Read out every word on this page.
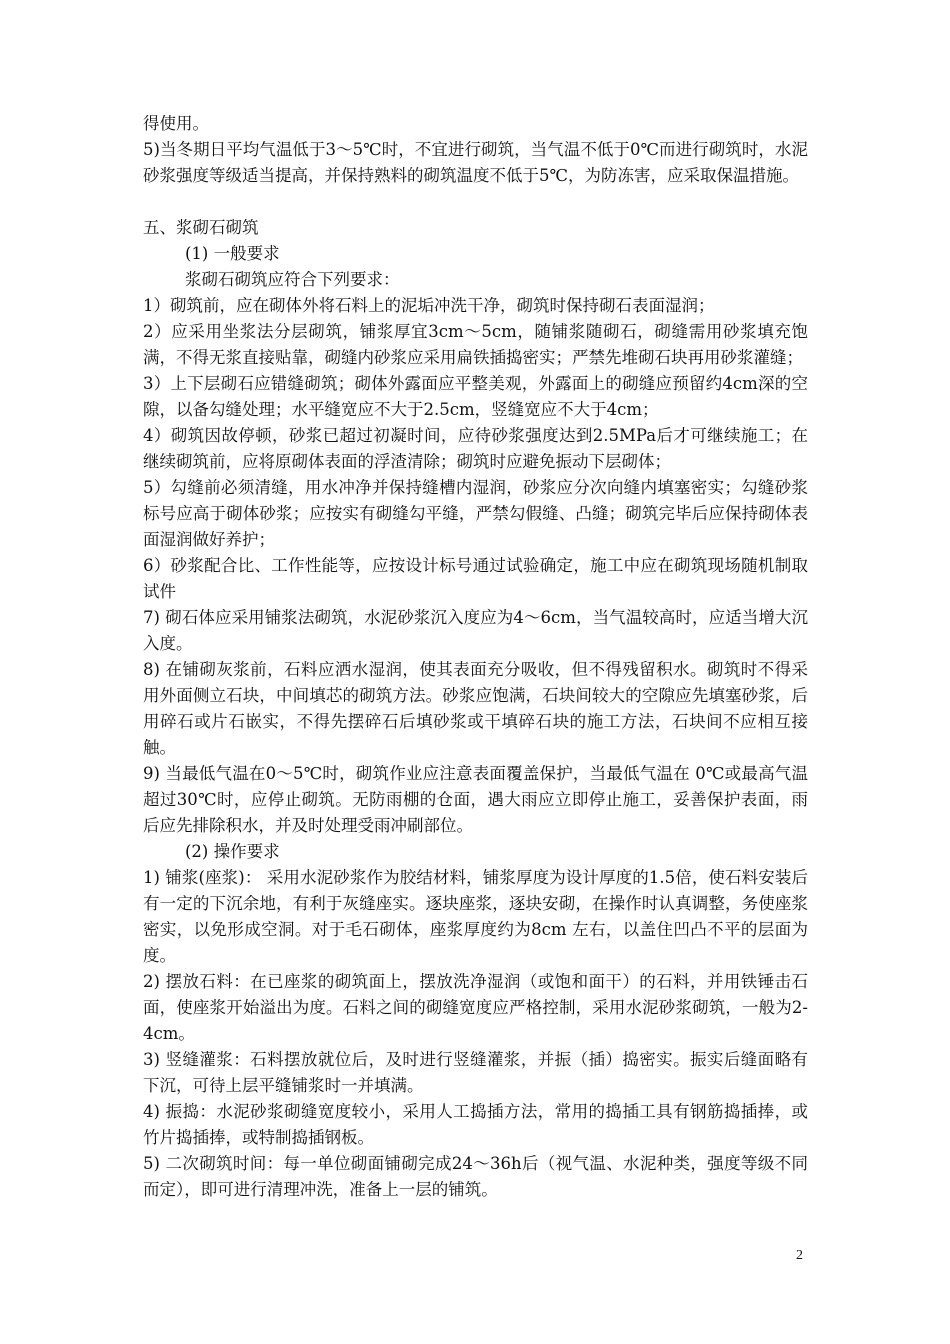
得使用。

5)当冬期日平均气温低于3～5℃时，不宜进行砌筑，当气温不低于0℃而进行砌筑时，水泥砂浆强度等级适当提高，并保持熟料的砌筑温度不低于5℃，为防冻害，应采取保温措施。

五、浆砌石砌筑

(1) 一般要求

浆砌石砌筑应符合下列要求：

1）砌筑前，应在砌体外将石料上的泥垢冲洗干净，砌筑时保持砌石表面湿润；

2）应采用坐浆法分层砌筑，铺浆厚宜3cm～5cm，随铺浆随砌石，砌缝需用砂浆填充饱满，不得无浆直接贴靠，砌缝内砂浆应采用扁铁插捣密实；严禁先堆砌石块再用砂浆灌缝；

3）上下层砌石应错缝砌筑；砌体外露面应平整美观，外露面上的砌缝应预留约4cm深的空隙，以备勾缝处理；水平缝宽应不大于2.5cm，竖缝宽应不大于4cm；

4）砌筑因故停顿，砂浆已超过初凝时间，应待砂浆强度达到2.5MPa后才可继续施工；在继续砌筑前，应将原砌体表面的浮渣清除；砌筑时应避免振动下层砌体；

5）勾缝前必须清缝，用水冲净并保持缝槽内湿润，砂浆应分次向缝内填塞密实；勾缝砂浆标号应高于砌体砂浆；应按实有砌缝勾平缝，严禁勾假缝、凸缝；砌筑完毕后应保持砌体表面湿润做好养护；

6）砂浆配合比、工作性能等，应按设计标号通过试验确定，施工中应在砌筑现场随机制取试件

7) 砌石体应采用铺浆法砌筑，水泥砂浆沉入度应为4～6cm，当气温较高时，应适当增大沉入度。

8) 在铺砌灰浆前，石料应洒水湿润，使其表面充分吸收，但不得残留积水。砌筑时不得采用外面侧立石块，中间填芯的砌筑方法。砂浆应饱满，石块间较大的空隙应先填塞砂浆，后用碎石或片石嵌实，不得先摆碎石后填砂浆或干填碎石块的施工方法，石块间不应相互接触。

9) 当最低气温在0～5℃时，砌筑作业应注意表面覆盖保护，当最低气温在 0℃或最高气温超过30℃时，应停止砌筑。无防雨棚的仓面，遇大雨应立即停止施工，妥善保护表面，雨后应先排除积水，并及时处理受雨冲刷部位。

(2) 操作要求

1) 铺浆(座浆)： 采用水泥砂浆作为胶结材料，铺浆厚度为设计厚度的1.5倍，使石料安装后有一定的下沉余地，有利于灰缝座实。逐块座浆，逐块安砌，在操作时认真调整，务使座浆密实，以免形成空洞。对于毛石砌体，座浆厚度约为8cm 左右，以盖住凹凸不平的层面为度。

2) 摆放石料：在已座浆的砌筑面上，摆放洗净湿润（或饱和面干）的石料，并用铁锤击石面，使座浆开始溢出为度。石料之间的砌缝宽度应严格控制，采用水泥砂浆砌筑，一般为2-4cm。

3) 竖缝灌浆：石料摆放就位后，及时进行竖缝灌浆，并振（插）捣密实。振实后缝面略有下沉，可待上层平缝铺浆时一并填满。

4) 振捣：水泥砂浆砌缝宽度较小，采用人工捣插方法，常用的捣插工具有钢筋捣插捧，或竹片捣插捧，或特制捣插钢板。

5) 二次砌筑时间：每一单位砌面铺砌完成24～36h后（视气温、水泥种类，强度等级不同而定），即可进行清理冲洗，准备上一层的铺筑。

2
